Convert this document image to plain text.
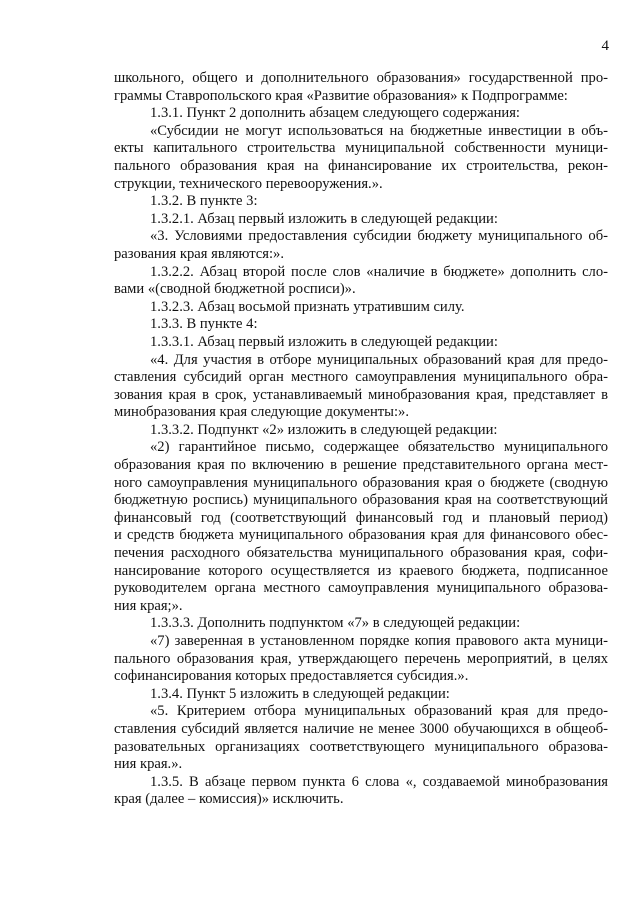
4
школьного, общего и дополнительного образования» государственной про-
граммы Ставропольского края «Развитие образования» к Подпрограмме:
1.3.1. Пункт 2 дополнить абзацем следующего содержания:
«Субсидии не могут использоваться на бюджетные инвестиции в объ-
екты капитального строительства муниципальной собственности муници-
пального образования края на финансирование их строительства, рекон-
струкции, технического перевооружения.».
1.3.2. В пункте 3:
1.3.2.1. Абзац первый изложить в следующей редакции:
«3. Условиями предоставления субсидии бюджету муниципального об-
разования края являются:».
1.3.2.2. Абзац второй после слов «наличие в бюджете» дополнить сло-
вами «(сводной бюджетной росписи)».
1.3.2.3. Абзац восьмой признать утратившим силу.
1.3.3. В пункте 4:
1.3.3.1. Абзац первый изложить в следующей редакции:
«4. Для участия в отборе муниципальных образований края для предо-
ставления субсидий орган местного самоуправления муниципального обра-
зования края в срок, устанавливаемый минобразования края, представляет в
минобразования края следующие документы:».
1.3.3.2. Подпункт «2» изложить в следующей редакции:
«2) гарантийное письмо, содержащее обязательство муниципального
образования края по включению в решение представительного органа мест-
ного самоуправления муниципального образования края о бюджете (сводную
бюджетную роспись) муниципального образования края на соответствующий
финансовый год (соответствующий финансовый год и плановый период)
и средств бюджета муниципального образования края для финансового обес-
печения расходного обязательства муниципального образования края, софи-
нансирование которого осуществляется из краевого бюджета, подписанное
руководителем органа местного самоуправления муниципального образова-
ния края;».
1.3.3.3. Дополнить подпунктом «7» в следующей редакции:
«7) заверенная в установленном порядке копия правового акта муници-
пального образования края, утверждающего перечень мероприятий, в целях
софинансирования которых предоставляется субсидия.».
1.3.4. Пункт 5 изложить в следующей редакции:
«5. Критерием отбора муниципальных образований края для предо-
ставления субсидий является наличие не менее 3000 обучающихся в общеоб-
разовательных организациях соответствующего муниципального образова-
ния края.».
1.3.5. В абзаце первом пункта 6 слова «, создаваемой минобразования
края (далее – комиссия)» исключить.
